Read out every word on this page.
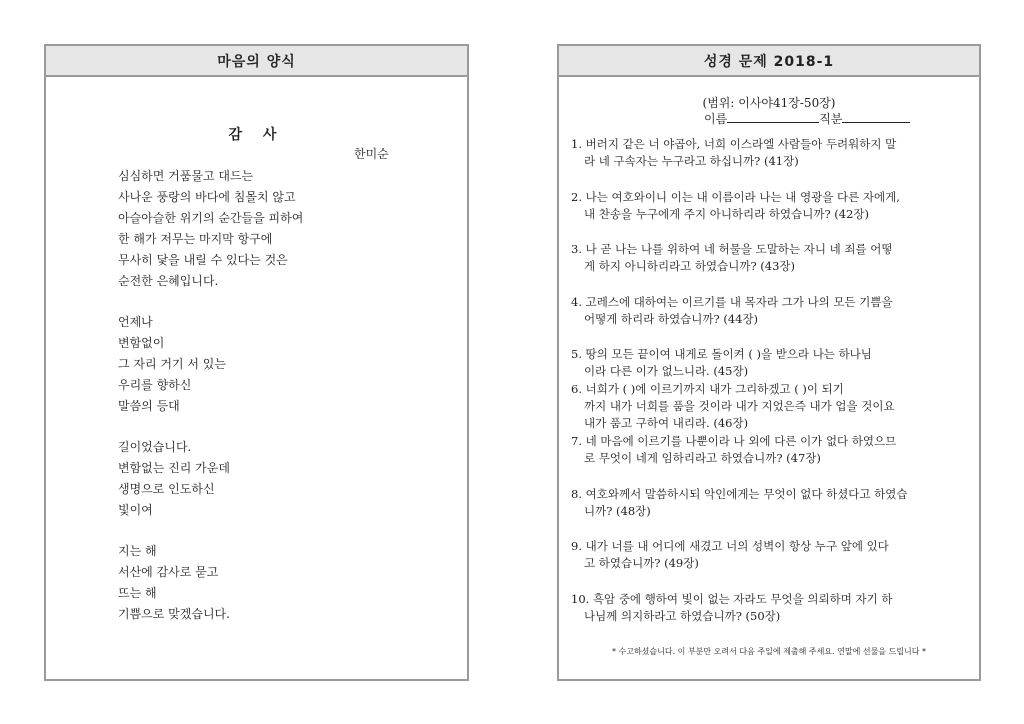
마음의 양식
감 사
한미순
심심하면 거품물고 대드는
사나운 풍랑의 바다에 침몰치 않고
아슬아슬한 위기의 순간들을 피하여
한 해가 저무는 마지막 항구에
무사히 닻을 내릴 수 있다는 것은
순전한 은혜입니다.
언제나
변함없이
그 자리 거기 서 있는
우리를 향하신
말씀의 등대
길이었습니다.
변함없는 진리 가운데
생명으로 인도하신
빛이여
지는 해
서산에 감사로 묻고
뜨는 해
기쁨으로 맞겠습니다.
성경 문제 2018-1
(범위: 이사야41장-50장)
이름	직분
1. 버러지 같은 너 야곱아, 너희 이스라엘 사람들아 두려워하지 말
라 네 구속자는 누구라고 하십니까? (41장)
2. 나는 여호와이니 이는 내 이름이라 나는 내 영광을 다른 자에게,
내 찬송을 누구에게 주지 아니하리라 하였습니까? (42장)
3. 나 곧 나는 나를 위하여 네 허물을 도말하는 자니 네 죄를 어떻
게 하지 아니하리라고 하였습니까? (43장)
4. 고레스에 대하여는 이르기를 내 목자라 그가 나의 모든 기쁨을
어떻게 하리라 하였습니까? (44장)
5. 땅의 모든 끝이여 내게로 돌이켜 ( )을 받으라 나는 하나님
이라 다른 이가 없느니라. (45장)
6. 너희가 ( )에 이르기까지 내가 그리하겠고 ( )이 되기
까지 내가 너희를 품을 것이라 내가 지었은즉 내가 업을 것이요
내가 품고 구하여 내리라. (46장)
7. 네 마음에 이르기를 나뿐이라 나 외에 다른 이가 없다 하였으므
로 무엇이 네게 임하리라고 하였습니까? (47장)
8. 여호와께서 말씀하시되 악인에게는 무엇이 없다 하셨다고 하였습
니까? (48장)
9. 내가 너를 내 어디에 새겼고 너의 성벽이 항상 누구 앞에 있다
고 하였습니까? (49장)
10. 흑암 중에 행하여 빛이 없는 자라도 무엇을 의뢰하며 자기 하
나님께 의지하라고 하였습니까? (50장)
* 수고하셨습니다. 이 부분만 오려서 다음 주일에 제출해 주세요. 연말에 선물을 드립니다 *
